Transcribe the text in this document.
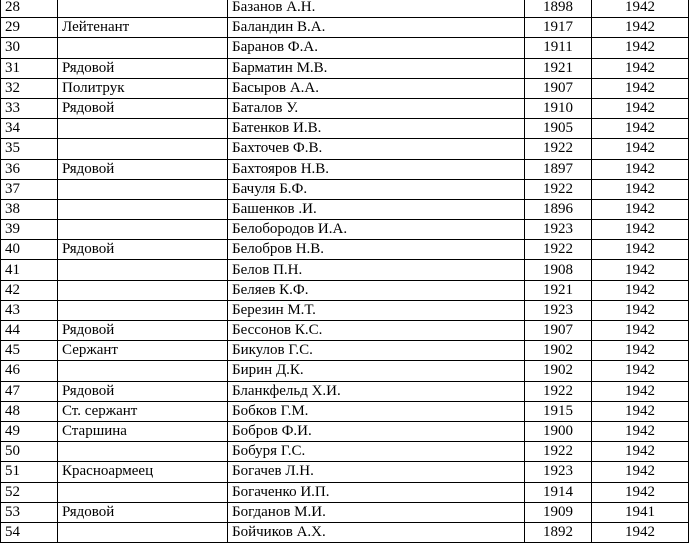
28		Базанов А.Н.	1898	1942
29	Лейтенант	Баландин В.А.	1917	1942
30		Баранов Ф.А.	1911	1942
31	Рядовой	Барматин М.В.	1921	1942
32	Политрук	Басыров А.А.	1907	1942
33	Рядовой	Баталов У.	1910	1942
34		Батенков И.В.	1905	1942
35		Бахточев Ф.В.	1922	1942
36	Рядовой	Бахтояров Н.В.	1897	1942
37		Бачуля Б.Ф.	1922	1942
38		Башенков .И.	1896	1942
39		Белобородов И.А.	1923	1942
40	Рядовой	Белобров Н.В.	1922	1942
41		Белов П.Н.	1908	1942
42		Беляев К.Ф.	1921	1942
43		Березин М.Т.	1923	1942
44	Рядовой	Бессонов К.С.	1907	1942
45	Сержант	Бикулов Г.С.	1902	1942
46		Бирин Д.К.	1902	1942
47	Рядовой	Бланкфельд Х.И.	1922	1942
48	Ст. сержант	Бобков Г.М.	1915	1942
49	Старшина	Бобров Ф.И.	1900	1942
50		Бобуря Г.С.	1922	1942
51	Красноармеец	Богачев Л.Н.	1923	1942
52		Богаченко И.П.	1914	1942
53	Рядовой	Богданов М.И.	1909	1941
54		Бойчиков А.Х.	1892	1942
